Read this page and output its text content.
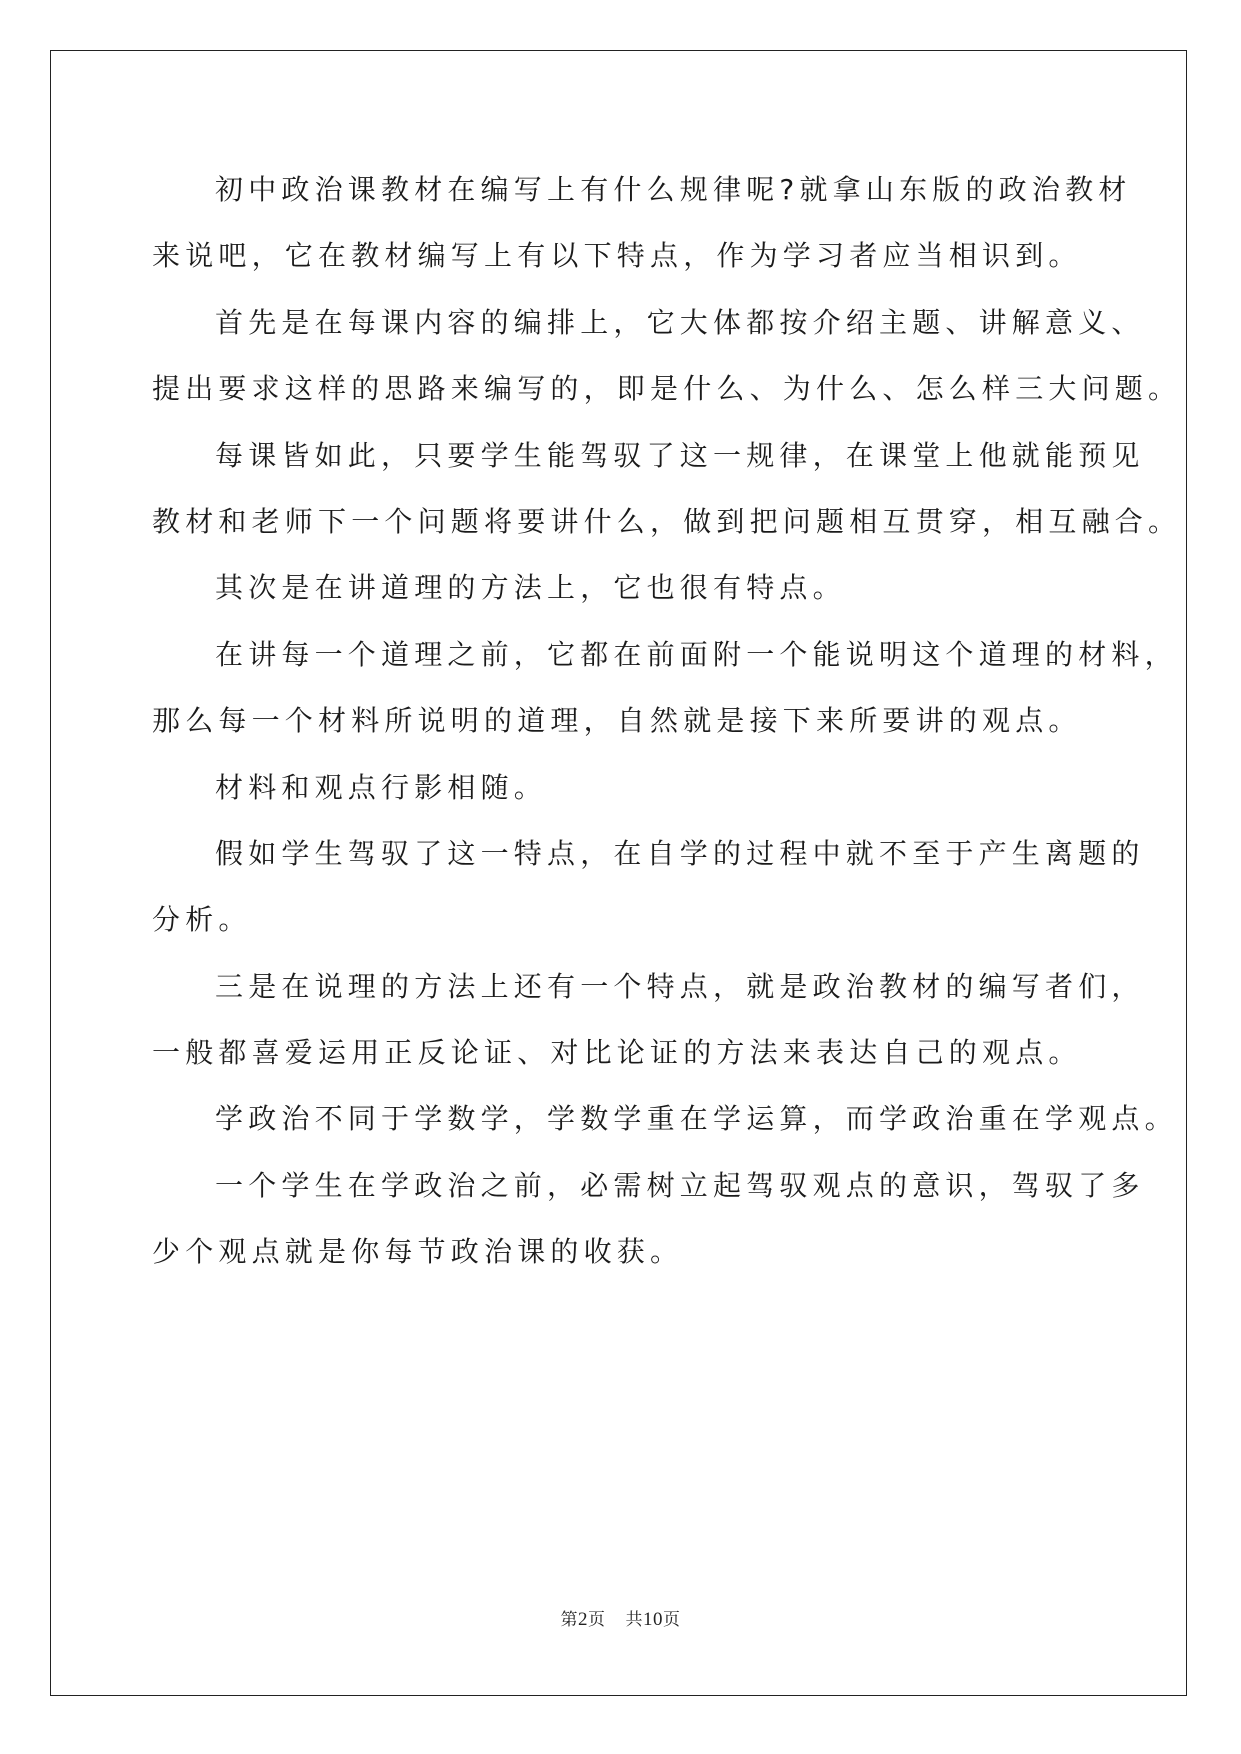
初中政治课教材在编写上有什么规律呢?就拿山东版的政治教材
来说吧，它在教材编写上有以下特点，作为学习者应当相识到。
首先是在每课内容的编排上，它大体都按介绍主题、讲解意义、
提出要求这样的思路来编写的，即是什么、为什么、怎么样三大问题。
每课皆如此，只要学生能驾驭了这一规律，在课堂上他就能预见
教材和老师下一个问题将要讲什么，做到把问题相互贯穿，相互融合。
其次是在讲道理的方法上，它也很有特点。
在讲每一个道理之前，它都在前面附一个能说明这个道理的材料，
那么每一个材料所说明的道理，自然就是接下来所要讲的观点。
材料和观点行影相随。
假如学生驾驭了这一特点，在自学的过程中就不至于产生离题的
分析。
三是在说理的方法上还有一个特点，就是政治教材的编写者们，
一般都喜爱运用正反论证、对比论证的方法来表达自己的观点。
学政治不同于学数学，学数学重在学运算，而学政治重在学观点。
一个学生在学政治之前，必需树立起驾驭观点的意识，驾驭了多
少个观点就是你每节政治课的收获。
第2页 共10页
